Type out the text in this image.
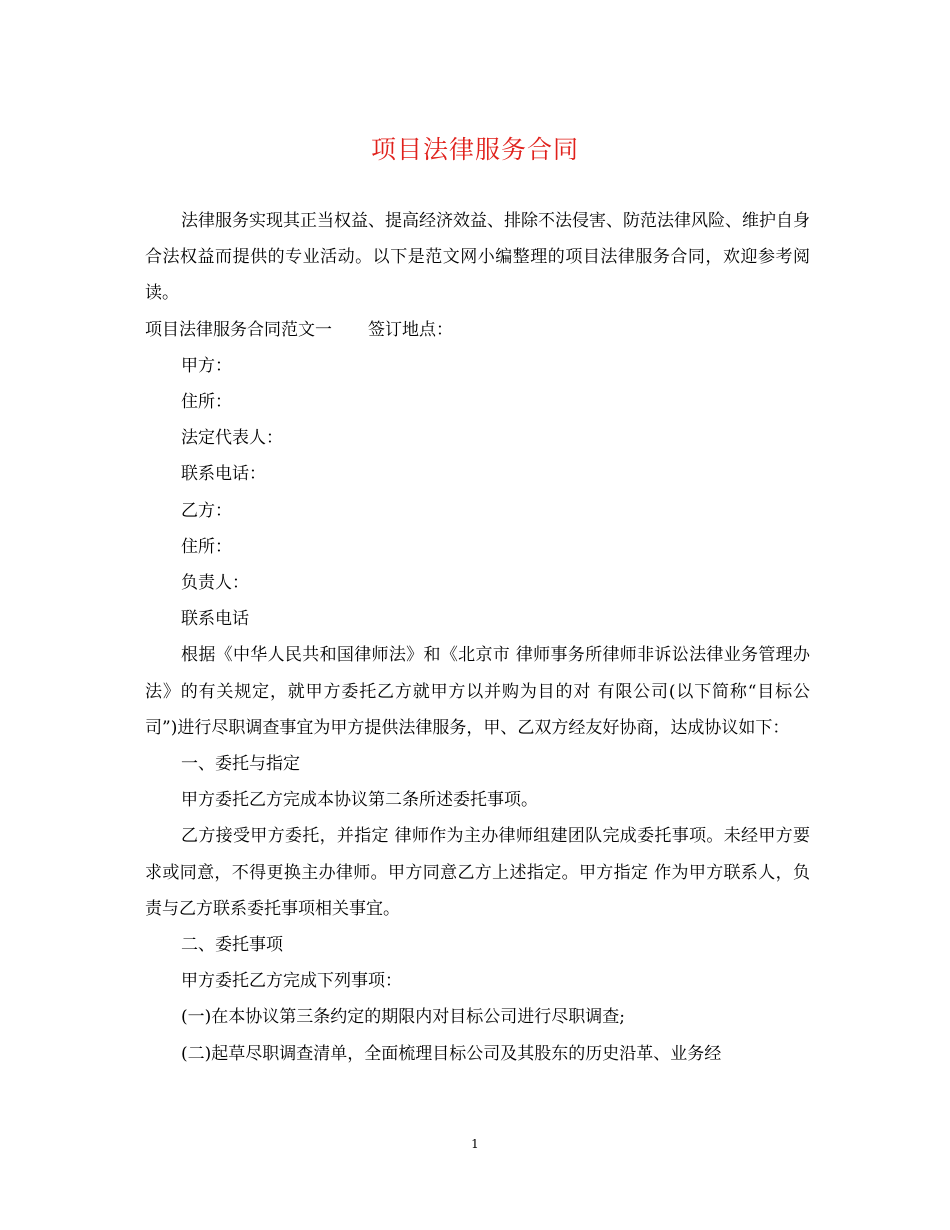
项目法律服务合同

法律服务实现其正当权益、提高经济效益、排除不法侵害、防范法律风险、维护自身合法权益而提供的专业活动。以下是范文网小编整理的项目法律服务合同，欢迎参考阅读。

项目法律服务合同范文一 签订地点：

甲方：

住所：

法定代表人：

联系电话：

乙方：

住所：

负责人：

联系电话

根据《中华人民共和国律师法》和《北京市 律师事务所律师非诉讼法律业务管理办法》的有关规定，就甲方委托乙方就甲方以并购为目的对 有限公司(以下简称“目标公司”)进行尽职调查事宜为甲方提供法律服务，甲、乙双方经友好协商，达成协议如下：

一、委托与指定

甲方委托乙方完成本协议第二条所述委托事项。

乙方接受甲方委托，并指定 律师作为主办律师组建团队完成委托事项。未经甲方要求或同意，不得更换主办律师。甲方同意乙方上述指定。甲方指定 作为甲方联系人，负责与乙方联系委托事项相关事宜。

二、委托事项

甲方委托乙方完成下列事项：

(一)在本协议第三条约定的期限内对目标公司进行尽职调查;

(二)起草尽职调查清单，全面梳理目标公司及其股东的历史沿革、业务经

1
